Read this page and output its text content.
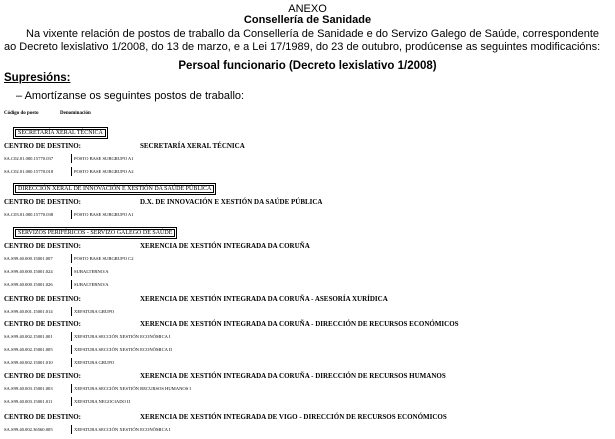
ANEXO
Consellería de Sanidade
Na vixente relación de postos de traballo da Consellería de Sanidade e do Servizo Galego de Saúde, correspondente ao Decreto lexislativo 1/2008, do 13 de marzo, e a Lei 17/1989, do 23 de outubro, prodúcense as seguintes modificacións:
Persoal funcionario (Decreto lexislativo 1/2008)
Supresións:
– Amortízanse os seguintes postos de traballo:
Código do posto	Denominación
SECRETARÍA XERAL TÉCNICA
CENTRO DE DESTINO:	SECRETARÍA XERAL TÉCNICA
SA.C02.01.000.15770.037	POSTO BASE SUBGRUPO A1
SA.C02.01.000.15770.018	POSTO BASE SUBGRUPO A2
DIRECCIÓN XERAL DE INNOVACIÓN E XESTIÓN DA SAÚDE PÚBLICA
CENTRO DE DESTINO:	D.X. DE INNOVACIÓN E XESTIÓN DA SAÚDE PÚBLICA
SA.C03.01.000.15770.038	POSTO BASE SUBGRUPO A1
SERVIZOS PERIFÉRICOS - SERVIZO GALEGO DE SAÚDE
CENTRO DE DESTINO:	XERENCIA DE XESTIÓN INTEGRADA DA CORUÑA
SA.S99.40.000.15001.007	POSTO BASE SUBGRUPO C2
SA.S99.40.000.15001.024	SUBALTERNO/A
SA.S99.40.000.15001.026	SUBALTERNO/A
CENTRO DE DESTINO:	XERENCIA DE XESTIÓN INTEGRADA DA CORUÑA - ASESORÍA XURÍDICA
SA.S99.40.001.15001.014	XEFATURA GRUPO
CENTRO DE DESTINO:	XERENCIA DE XESTIÓN INTEGRADA DA CORUÑA - DIRECCIÓN DE RECURSOS ECONÓMICOS
SA.S99.40.002.15001.001	XEFATURA SECCIÓN XESTIÓN ECONÓMICA I
SA.S99.40.002.15001.005	XEFATURA SECCIÓN XESTIÓN ECONÓMICA II
SA.S99.40.002.15001.010	XEFATURA GRUPO
CENTRO DE DESTINO:	XERENCIA DE XESTIÓN INTEGRADA DA CORUÑA - DIRECCIÓN DE RECURSOS HUMANOS
SA.S99.40.003.15001.003	XEFATURA SECCIÓN XESTIÓN RECURSOS HUMANOS I
SA.S99.40.003.15001.011	XEFATURA NEGOCIADO II
CENTRO DE DESTINO:	XERENCIA DE XESTIÓN INTEGRADA DE VIGO - DIRECCIÓN DE RECURSOS ECONÓMICOS
SA.S99.40.002.36560.005	XEFATURA SECCIÓN XESTIÓN ECONÓMICA I
